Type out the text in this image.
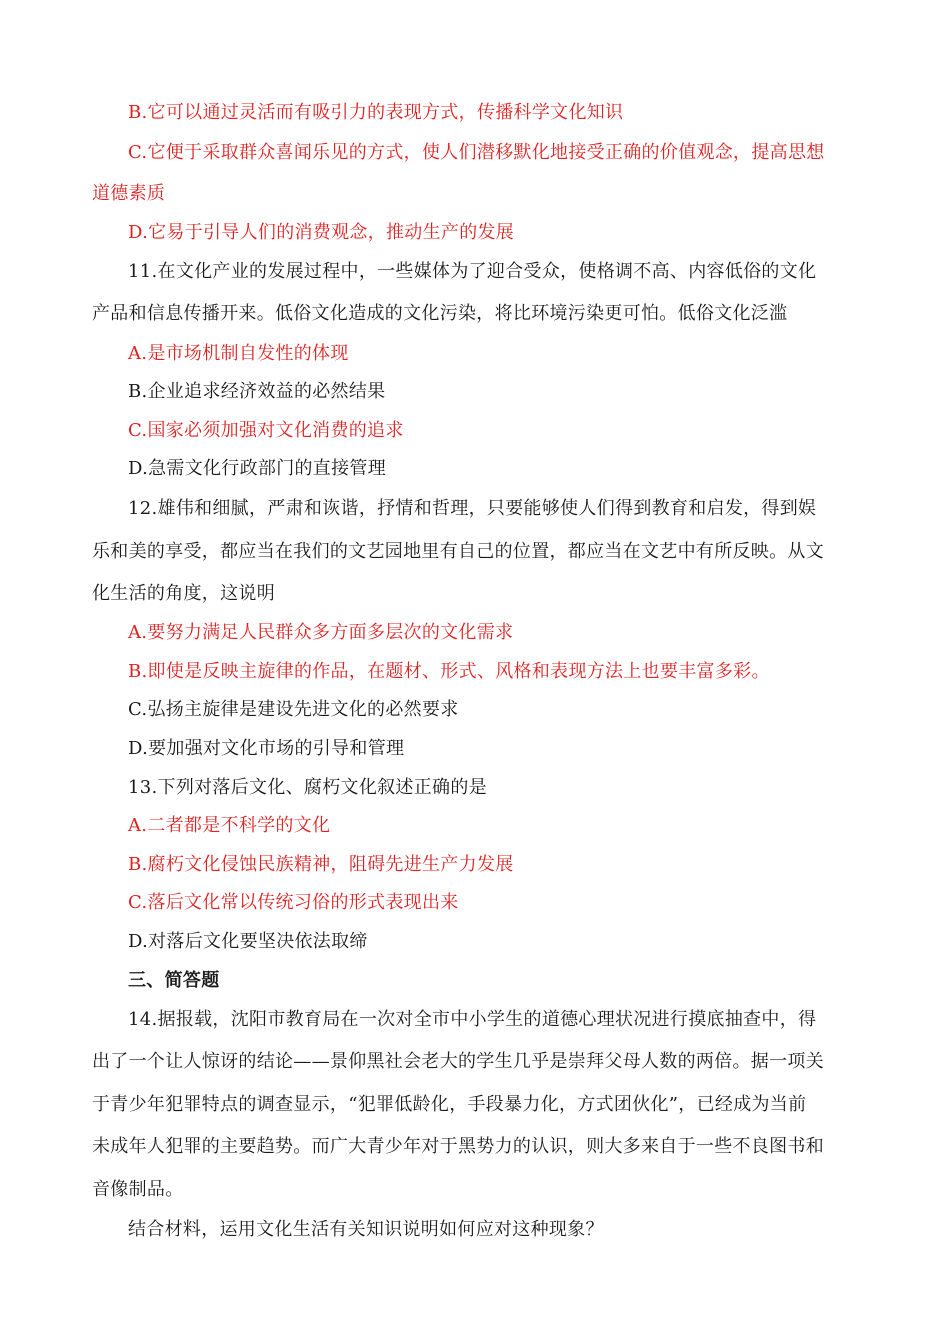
B.它可以通过灵活而有吸引力的表现方式，传播科学文化知识
C.它便于采取群众喜闻乐见的方式，使人们潜移默化地接受正确的价值观念，提高思想
道德素质
D.它易于引导人们的消费观念，推动生产的发展
11.在文化产业的发展过程中，一些媒体为了迎合受众，使格调不高、内容低俗的文化
产品和信息传播开来。低俗文化造成的文化污染，将比环境污染更可怕。低俗文化泛滥
A.是市场机制自发性的体现
B.企业追求经济效益的必然结果
C.国家必须加强对文化消费的追求
D.急需文化行政部门的直接管理
12.雄伟和细腻，严肃和诙谐，抒情和哲理，只要能够使人们得到教育和启发，得到娱
乐和美的享受，都应当在我们的文艺园地里有自己的位置，都应当在文艺中有所反映。从文
化生活的角度，这说明
A.要努力满足人民群众多方面多层次的文化需求
B.即使是反映主旋律的作品，在题材、形式、风格和表现方法上也要丰富多彩。
C.弘扬主旋律是建设先进文化的必然要求
D.要加强对文化市场的引导和管理
13.下列对落后文化、腐朽文化叙述正确的是
A.二者都是不科学的文化
B.腐朽文化侵蚀民族精神，阻碍先进生产力发展
C.落后文化常以传统习俗的形式表现出来
D.对落后文化要坚决依法取缔
三、简答题
14.据报载，沈阳市教育局在一次对全市中小学生的道德心理状况进行摸底抽查中，得
出了一个让人惊讶的结论——景仰黑社会老大的学生几乎是崇拜父母人数的两倍。据一项关
于青少年犯罪特点的调查显示，“犯罪低龄化，手段暴力化，方式团伙化”，已经成为当前
未成年人犯罪的主要趋势。而广大青少年对于黑势力的认识，则大多来自于一些不良图书和
音像制品。
结合材料，运用文化生活有关知识说明如何应对这种现象？
